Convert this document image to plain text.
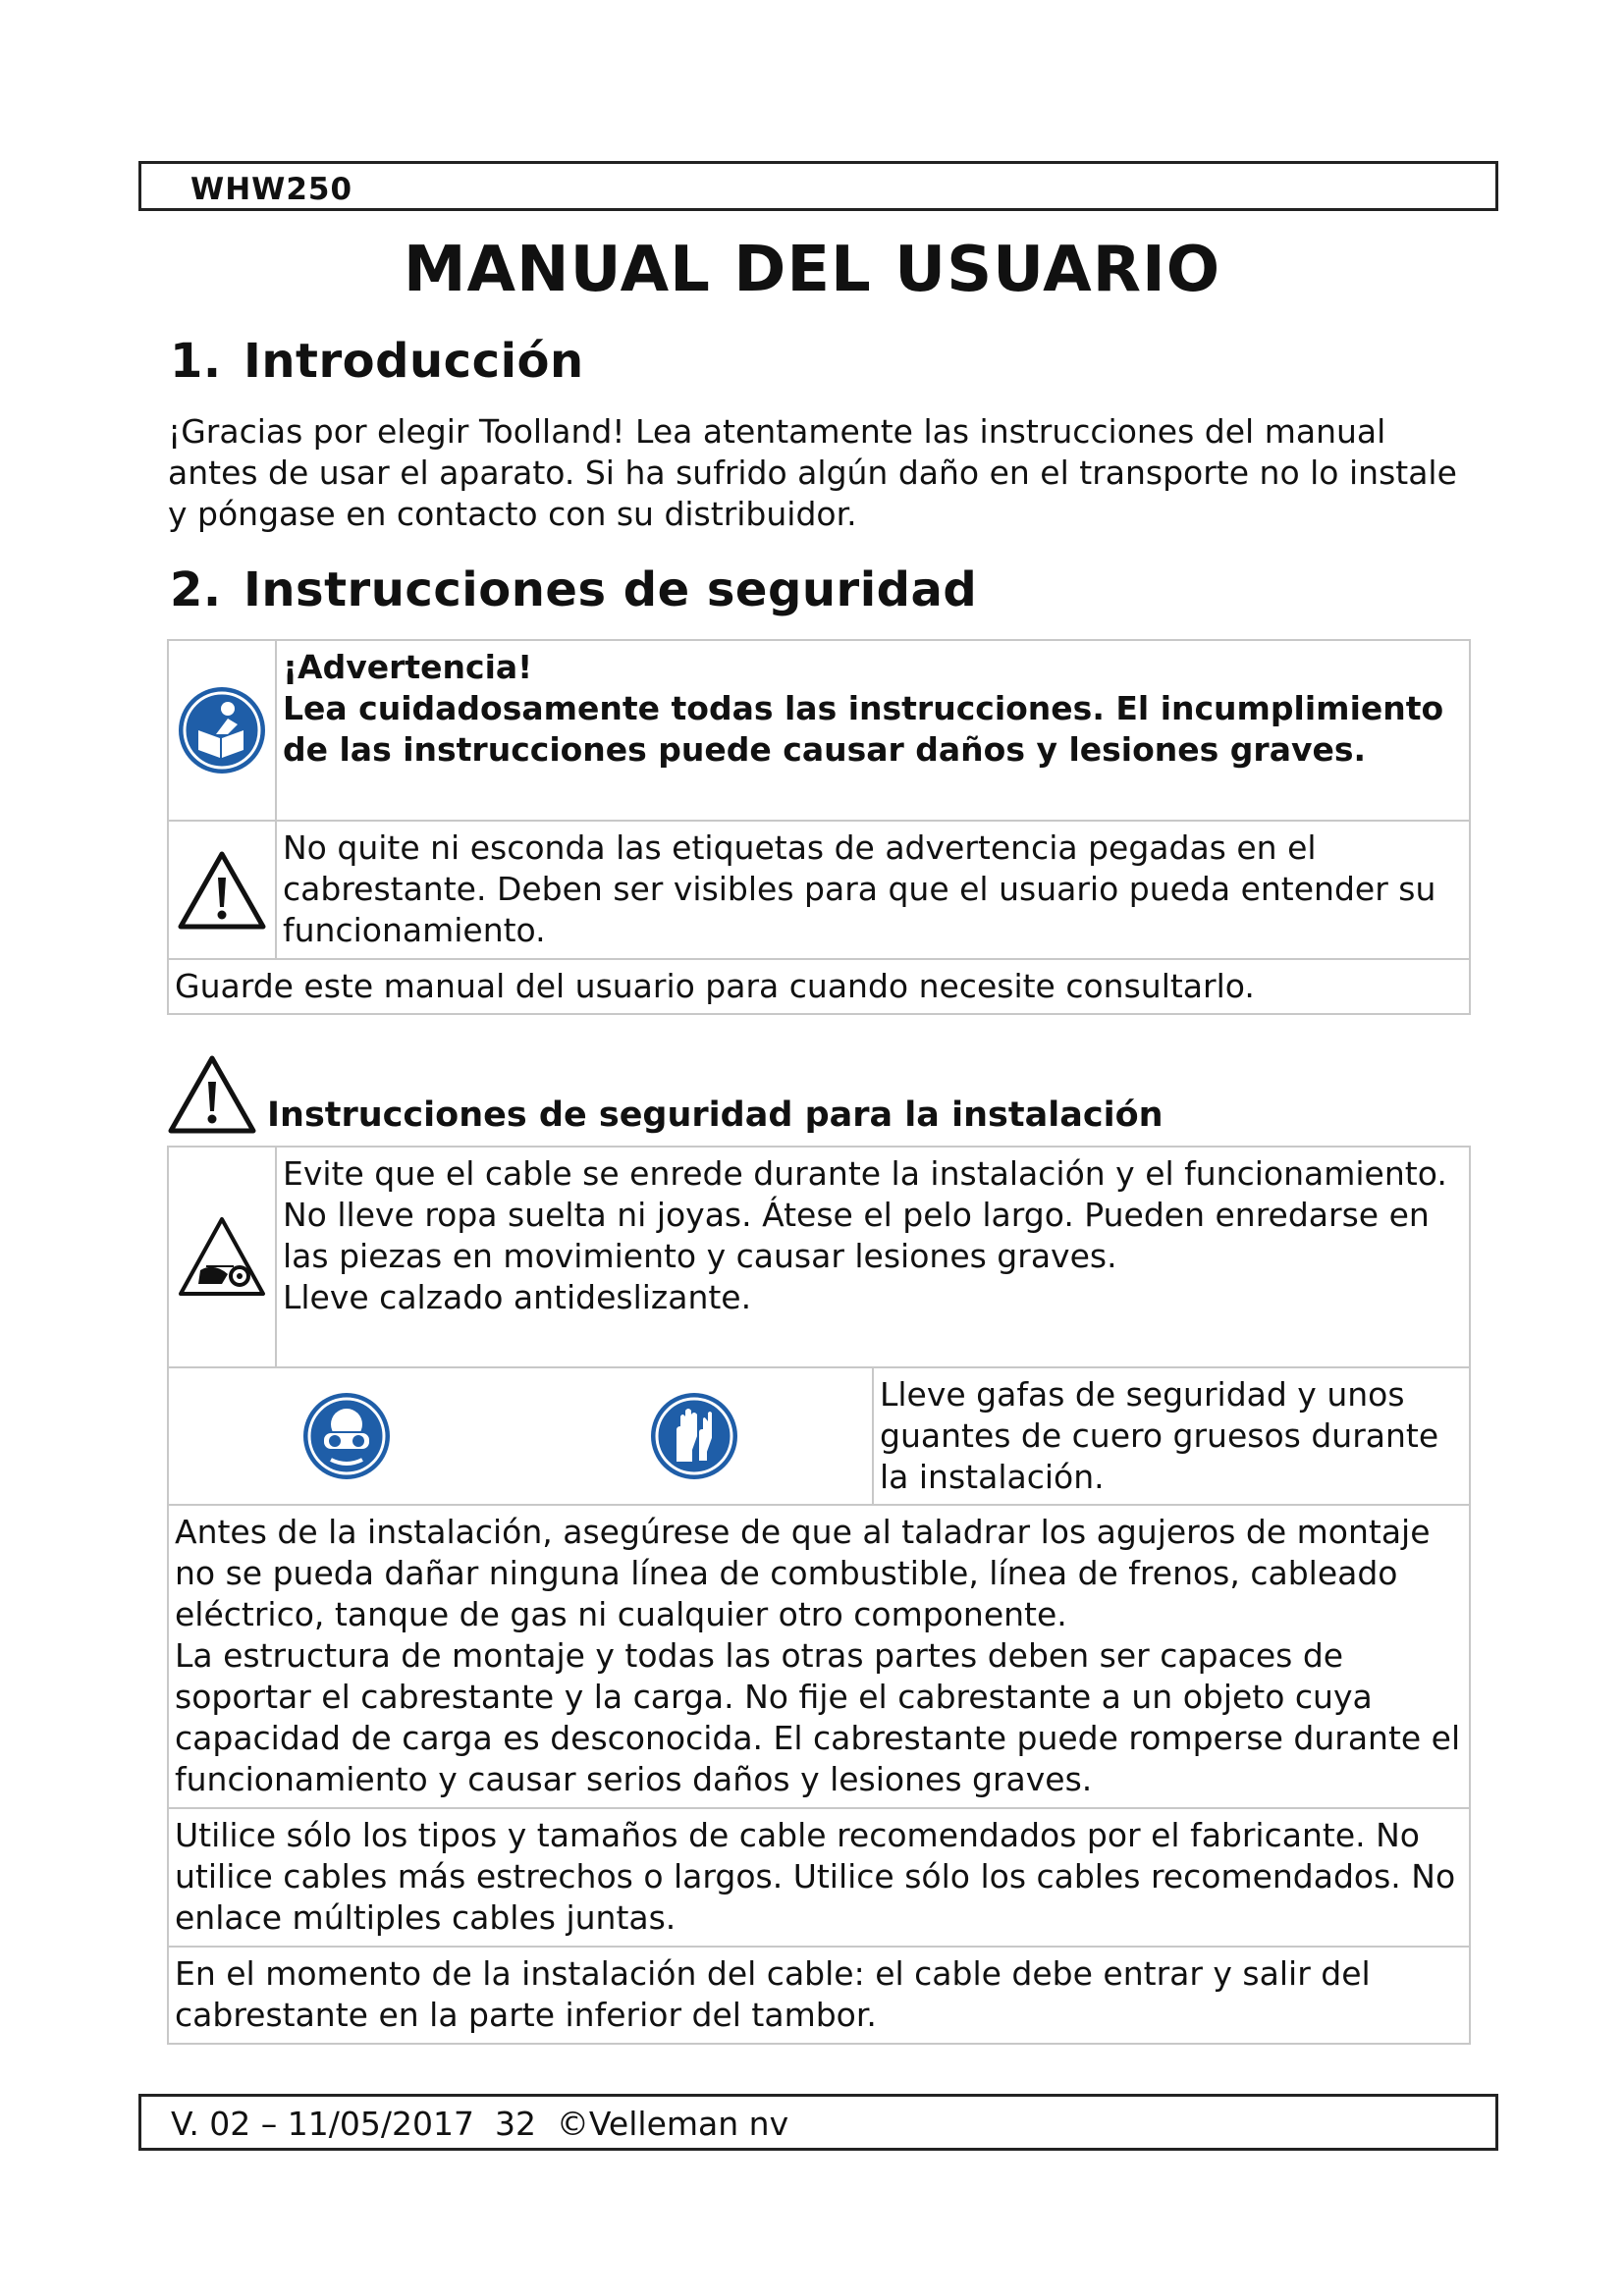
WHW250
MANUAL DEL USUARIO
1. Introducción

¡Gracias por elegir Toolland! Lea atentamente las instrucciones del manual antes de usar el aparato. Si ha sufrido algún daño en el transporte no lo instale y póngase en contacto con su distribuidor.

2. Instrucciones de seguridad

¡Advertencia!
Lea cuidadosamente todas las instrucciones. El incumplimiento de las instrucciones puede causar daños y lesiones graves.

No quite ni esconda las etiquetas de advertencia pegadas en el cabrestante. Deben ser visibles para que el usuario pueda entender su funcionamiento.

Guarde este manual del usuario para cuando necesite consultarlo.	
Instrucciones de seguridad para la instalación

Evite que el cable se enrede durante la instalación y el funcionamiento. No lleve ropa suelta ni joyas. Átese el pelo largo. Pueden enredarse en las piezas en movimiento y causar lesiones graves.
Lleve calzado antideslizante.	

Lleve gafas de seguridad y unos guantes de cuero gruesos durante la instalación.

Antes de la instalación, asegúrese de que al taladrar los agujeros de montaje no se pueda dañar ninguna línea de combustible, línea de frenos, cableado eléctrico, tanque de gas ni cualquier otro componente.
La estructura de montaje y todas las otras partes deben ser capaces de soportar el cabrestante y la carga. No fije el cabrestante a un objeto cuya capacidad de carga es desconocida. El cabrestante puede romperse durante el funcionamiento y causar serios daños y lesiones graves.		

Utilice sólo los tipos y tamaños de cable recomendados por el fabricante. No utilice cables más estrechos o largos. Utilice sólo los cables recomendados. No enlace múltiples cables juntas.		

En el momento de la instalación del cable: el cable debe entrar y salir del cabrestante en la parte inferior del tambor.		
V. 02 – 11/05/2017  32  ©Velleman nv
